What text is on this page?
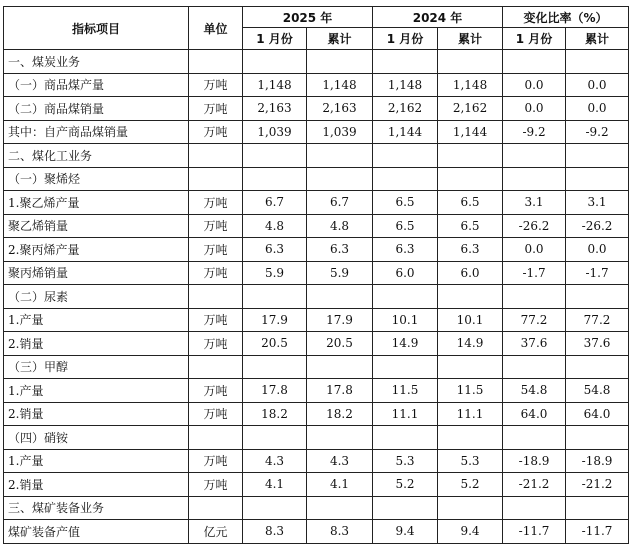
指标项目	单位	2025 年		2024 年		变化比率（%）	
		1 月份	累计	1 月份	累计	1 月份	累计
一、煤炭业务							
（一）商品煤产量	万吨	1,148	1,148	1,148	1,148	0.0	0.0
（二）商品煤销量	万吨	2,163	2,163	2,162	2,162	0.0	0.0
其中：自产商品煤销量	万吨	1,039	1,039	1,144	1,144	-9.2	-9.2
二、煤化工业务							
（一）聚烯烃							
1.聚乙烯产量	万吨	6.7	6.7	6.5	6.5	3.1	3.1
聚乙烯销量	万吨	4.8	4.8	6.5	6.5	-26.2	-26.2
2.聚丙烯产量	万吨	6.3	6.3	6.3	6.3	0.0	0.0
聚丙烯销量	万吨	5.9	5.9	6.0	6.0	-1.7	-1.7
（二）尿素							
1.产量	万吨	17.9	17.9	10.1	10.1	77.2	77.2
2.销量	万吨	20.5	20.5	14.9	14.9	37.6	37.6
（三）甲醇							
1.产量	万吨	17.8	17.8	11.5	11.5	54.8	54.8
2.销量	万吨	18.2	18.2	11.1	11.1	64.0	64.0
（四）硝铵							
1.产量	万吨	4.3	4.3	5.3	5.3	-18.9	-18.9
2.销量	万吨	4.1	4.1	5.2	5.2	-21.2	-21.2
三、煤矿装备业务							
煤矿装备产值	亿元	8.3	8.3	9.4	9.4	-11.7	-11.7
